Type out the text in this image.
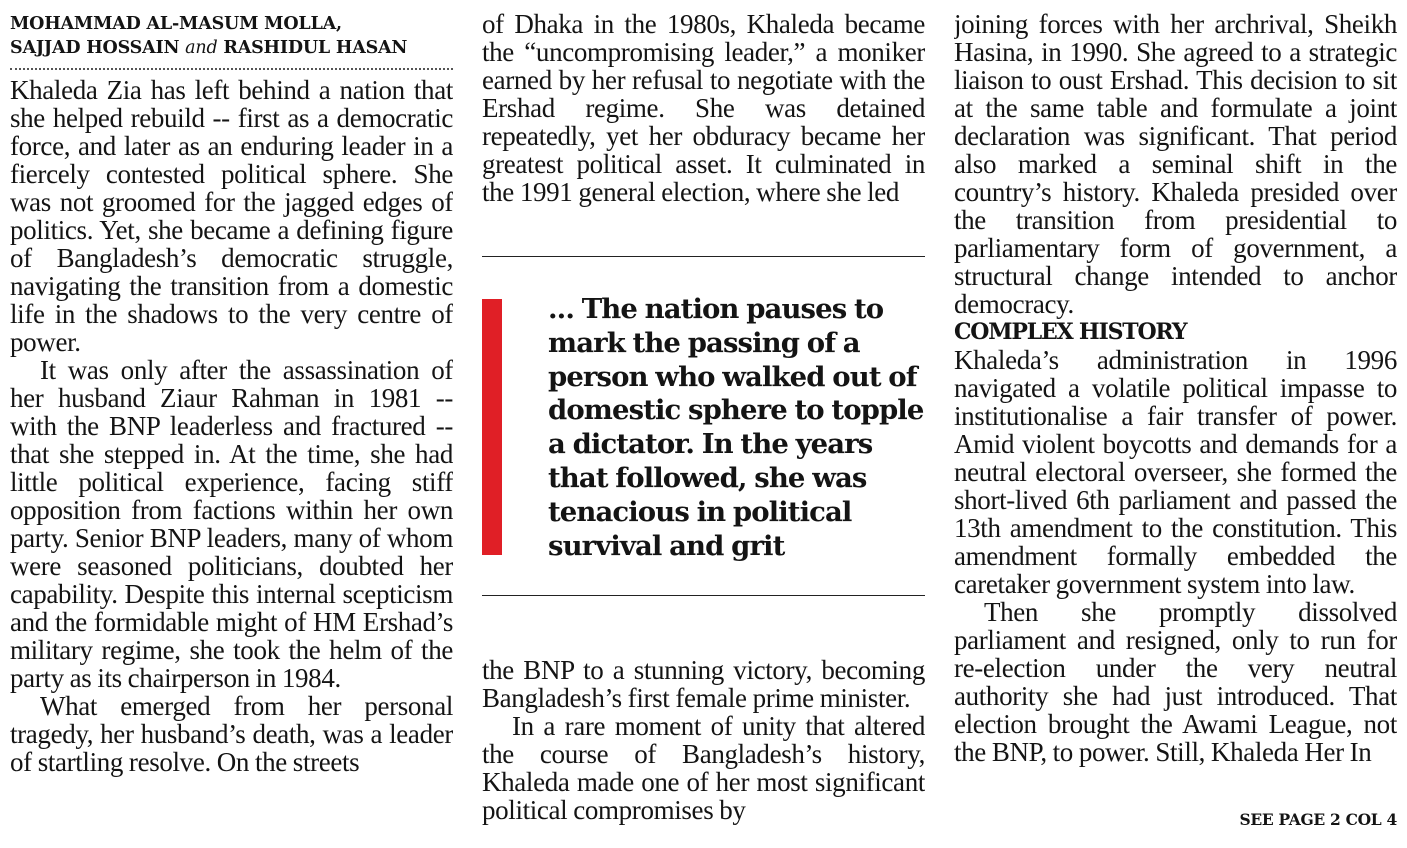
MOHAMMAD AL-MASUM MOLLA,
SAJJAD HOSSAIN and RASHIDUL HASAN

Khaleda Zia has left behind a nation that she helped rebuild -- first as a democratic force, and later as an enduring leader in a fiercely contested political sphere. She was not groomed for the jagged edges of politics. Yet, she became a defining figure of Bangladesh’s democratic struggle, navigating the transition from a domestic life in the shadows to the very centre of power.

It was only after the assassination of her husband Ziaur Rahman in 1981 -- with the BNP leaderless and fractured -- that she stepped in. At the time, she had little political experience, facing stiff opposition from factions within her own party. Senior BNP leaders, many of whom were seasoned politicians, doubted her capability. Despite this internal scepticism and the formidable might of HM Ershad’s military regime, she took the helm of the party as its chairperson in 1984.

What emerged from her personal tragedy, her husband’s death, was a leader of startling resolve. On the streets

of Dhaka in the 1980s, Khaleda became the “uncompromising leader,” a moniker earned by her refusal to negotiate with the Ershad regime. She was detained repeatedly, yet her obduracy became her greatest political asset. It culminated in the 1991 general election, where she led

... The nation pauses to mark the passing of a person who walked out of domestic sphere to topple a dictator. In the years that followed, she was tenacious in political survival and grit

the BNP to a stunning victory, becoming Bangladesh’s first female prime minister.

In a rare moment of unity that altered the course of Bangladesh’s history, Khaleda made one of her most significant political compromises by

joining forces with her archrival, Sheikh Hasina, in 1990. She agreed to a strategic liaison to oust Ershad. This decision to sit at the same table and formulate a joint declaration was significant. That period also marked a seminal shift in the country’s history. Khaleda presided over the transition from presidential to parliamentary form of government, a structural change intended to anchor democracy.

COMPLEX HISTORY

Khaleda’s administration in 1996 navigated a volatile political impasse to institutionalise a fair transfer of power. Amid violent boycotts and demands for a neutral electoral overseer, she formed the short-lived 6th parliament and passed the 13th amendment to the constitution. This amendment formally embedded the caretaker government system into law.

Then she promptly dissolved parliament and resigned, only to run for re-election under the very neutral authority she had just introduced. That election brought the Awami League, not the BNP, to power. Still, Khaleda Her In

SEE PAGE 2 COL 4
